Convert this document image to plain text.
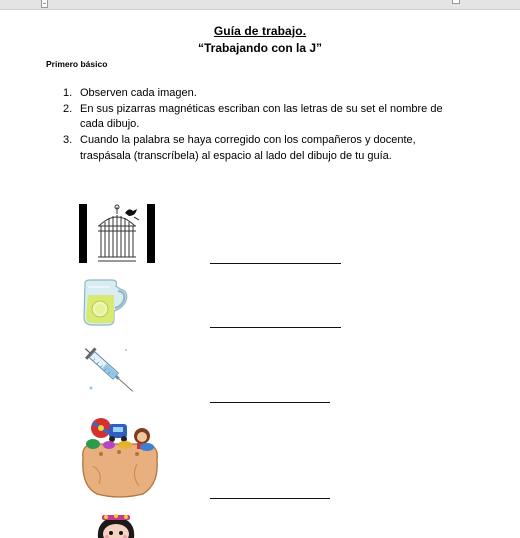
Guía de trabajo.
“Trabajando con la J”
Primero básico
1. Observen cada imagen.
2. En sus pizarras magnéticas escriban con las letras de su set el nombre de cada dibujo.
3. Cuando la palabra se haya corregido con los compañeros y docente, traspásala (transcríbela) al espacio al lado del dibujo de tu guía.
